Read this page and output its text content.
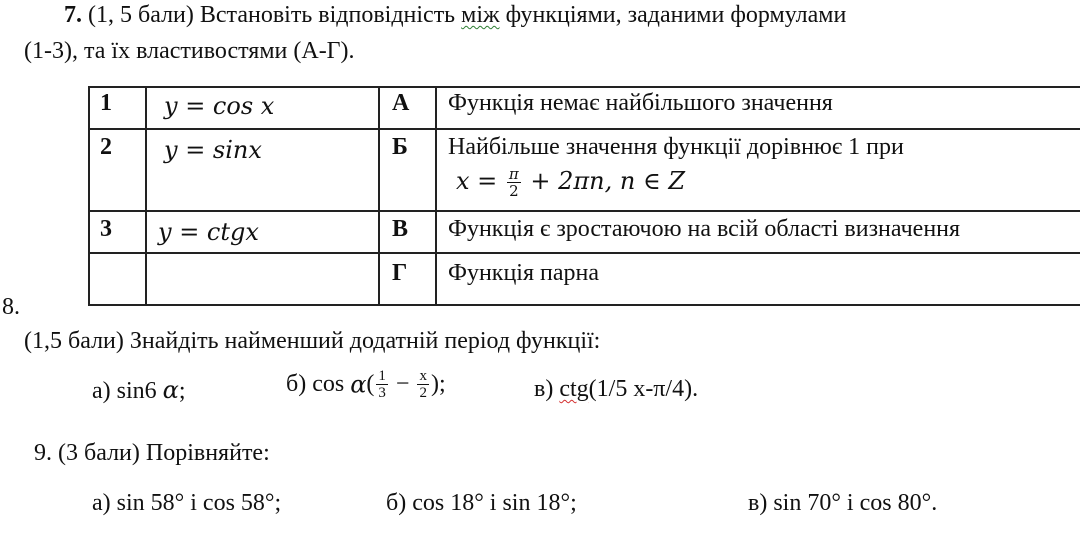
7. (1, 5 бали) Встановіть відповідність між функціями, заданими формулами
(1-3), та їх властивостями (А-Г).
1 y = cos x	А Функція немає найбільшого значення
2 y = sinx	Б Найбільше значення функції дорівнює 1 при
$x = \frac{\pi}{2} + 2\pi n$, n ∈ Z
3 y = ctgx	В Функція є зростаючою на всій області визначення
Г Функція парна
8.
(1,5 бали) Знайдіть найменший додатній період функції:
а) sin6 α;	б) $\cos \alpha( \frac{1}{3} - \frac{x}{2}$ );	в) ctg(1/5 x-π/4).
9. (3 бали) Порівняйте:
а) sin 58° і cos 58°;	б) cos 18° і sin 18°;	в) sin 70° і cos 80°.
